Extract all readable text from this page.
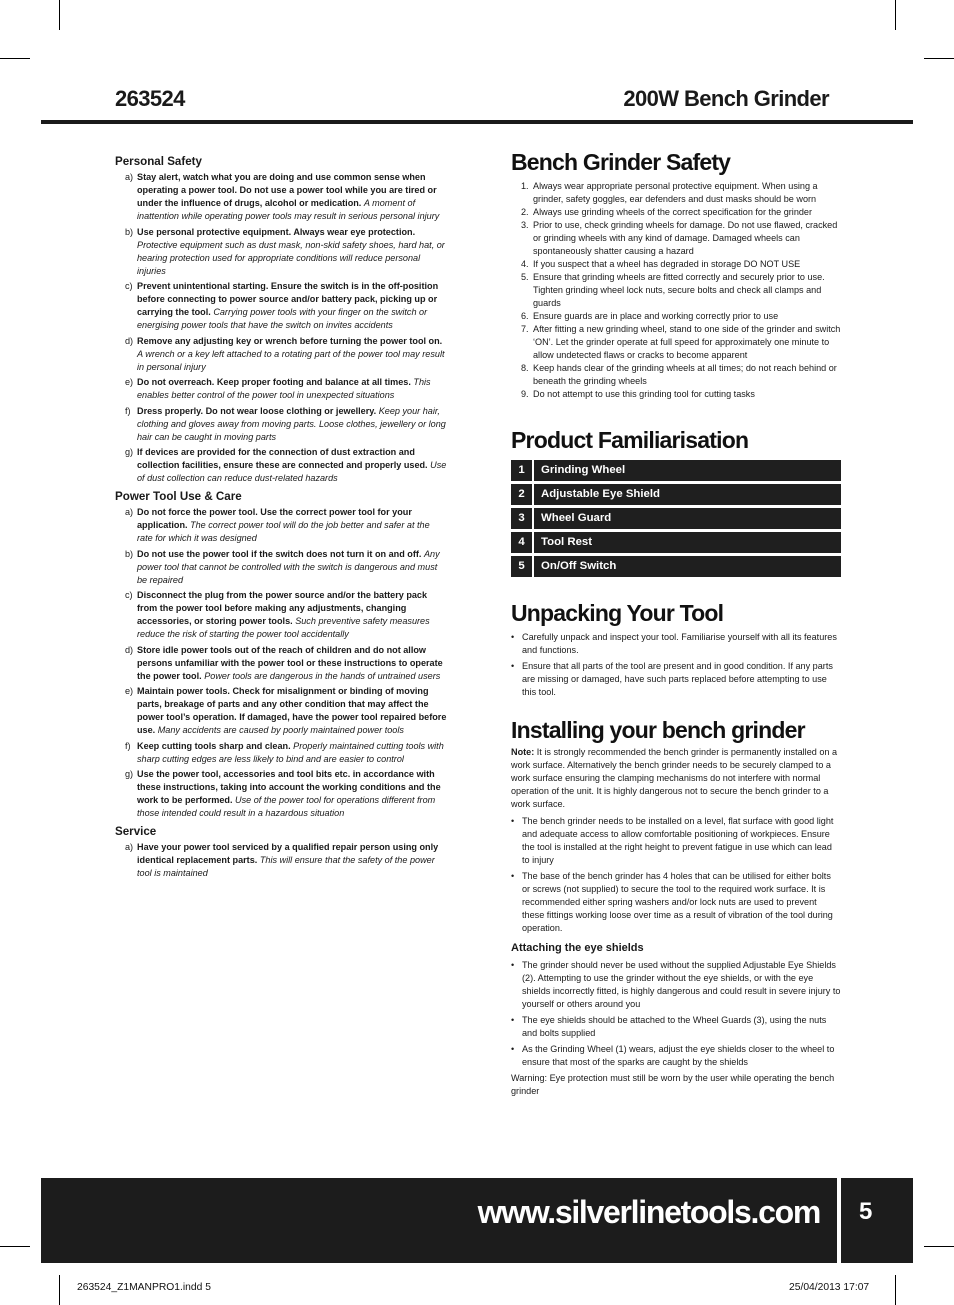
263524	200W Bench Grinder
Personal Safety
a) Stay alert, watch what you are doing and use common sense when operating a power tool. Do not use a power tool while you are tired or under the influence of drugs, alcohol or medication. A moment of inattention while operating power tools may result in serious personal injury
b) Use personal protective equipment. Always wear eye protection. Protective equipment such as dust mask, non-skid safety shoes, hard hat, or hearing protection used for appropriate conditions will reduce personal injuries
c) Prevent unintentional starting. Ensure the switch is in the off-position before connecting to power source and/or battery pack, picking up or carrying the tool. Carrying power tools with your finger on the switch or energising power tools that have the switch on invites accidents
d) Remove any adjusting key or wrench before turning the power tool on. A wrench or a key left attached to a rotating part of the power tool may result in personal injury
e) Do not overreach. Keep proper footing and balance at all times. This enables better control of the power tool in unexpected situations
f) Dress properly. Do not wear loose clothing or jewellery. Keep your hair, clothing and gloves away from moving parts. Loose clothes, jewellery or long hair can be caught in moving parts
g) If devices are provided for the connection of dust extraction and collection facilities, ensure these are connected and properly used. Use of dust collection can reduce dust-related hazards
Power Tool Use & Care
a) Do not force the power tool. Use the correct power tool for your application. The correct power tool will do the job better and safer at the rate for which it was designed
b) Do not use the power tool if the switch does not turn it on and off. Any power tool that cannot be controlled with the switch is dangerous and must be repaired
c) Disconnect the plug from the power source and/or the battery pack from the power tool before making any adjustments, changing accessories, or storing power tools. Such preventive safety measures reduce the risk of starting the power tool accidentally
d) Store idle power tools out of the reach of children and do not allow persons unfamiliar with the power tool or these instructions to operate the power tool. Power tools are dangerous in the hands of untrained users
e) Maintain power tools. Check for misalignment or binding of moving parts, breakage of parts and any other condition that may affect the power tool’s operation. If damaged, have the power tool repaired before use. Many accidents are caused by poorly maintained power tools
f) Keep cutting tools sharp and clean. Properly maintained cutting tools with sharp cutting edges are less likely to bind and are easier to control
g) Use the power tool, accessories and tool bits etc. in accordance with these instructions, taking into account the working conditions and the work to be performed. Use of the power tool for operations different from those intended could result in a hazardous situation
Service
a) Have your power tool serviced by a qualified repair person using only identical replacement parts. This will ensure that the safety of the power tool is maintained
Bench Grinder Safety
1. Always wear appropriate personal protective equipment. When using a grinder, safety goggles, ear defenders and dust masks should be worn
2. Always use grinding wheels of the correct specification for the grinder
3. Prior to use, check grinding wheels for damage. Do not use flawed, cracked or grinding wheels with any kind of damage. Damaged wheels can spontaneously shatter causing a hazard
4. If you suspect that a wheel has degraded in storage DO NOT USE
5. Ensure that grinding wheels are fitted correctly and securely prior to use. Tighten grinding wheel lock nuts, secure bolts and check all clamps and guards
6. Ensure guards are in place and working correctly prior to use
7. After fitting a new grinding wheel, stand to one side of the grinder and switch ‘ON’. Let the grinder operate at full speed for approximately one minute to allow undetected flaws or cracks to become apparent
8. Keep hands clear of the grinding wheels at all times; do not reach behind or beneath the grinding wheels
9. Do not attempt to use this grinding tool for cutting tasks
Product Familiarisation
1	Grinding Wheel
2	Adjustable Eye Shield
3	Wheel Guard
4	Tool Rest
5	On/Off Switch
Unpacking Your Tool
• Carefully unpack and inspect your tool. Familiarise yourself with all its features and functions.
• Ensure that all parts of the tool are present and in good condition. If any parts are missing or damaged, have such parts replaced before attempting to use this tool.
Installing your bench grinder
Note: It is strongly recommended the bench grinder is permanently installed on a work surface. Alternatively the bench grinder needs to be securely clamped to a work surface ensuring the clamping mechanisms do not interfere with normal operation of the unit. It is highly dangerous not to secure the bench grinder to a work surface.
• The bench grinder needs to be installed on a level, flat surface with good light and adequate access to allow comfortable positioning of workpieces. Ensure the tool is installed at the right height to prevent fatigue in use which can lead to injury
• The base of the bench grinder has 4 holes that can be utilised for either bolts or screws (not supplied) to secure the tool to the required work surface. It is recommended either spring washers and/or lock nuts are used to prevent these fittings working loose over time as a result of vibration of the tool during operation.
Attaching the eye shields
• The grinder should never be used without the supplied Adjustable Eye Shields (2). Attempting to use the grinder without the eye shields, or with the eye shields incorrectly fitted, is highly dangerous and could result in severe injury to yourself or others around you
• The eye shields should be attached to the Wheel Guards (3), using the nuts and bolts supplied
• As the Grinding Wheel (1) wears, adjust the eye shields closer to the wheel to ensure that most of the sparks are caught by the shields
Warning: Eye protection must still be worn by the user while operating the bench grinder
www.silverlinetools.com 5
263524_Z1MANPRO1.indd 5	25/04/2013 17:07
